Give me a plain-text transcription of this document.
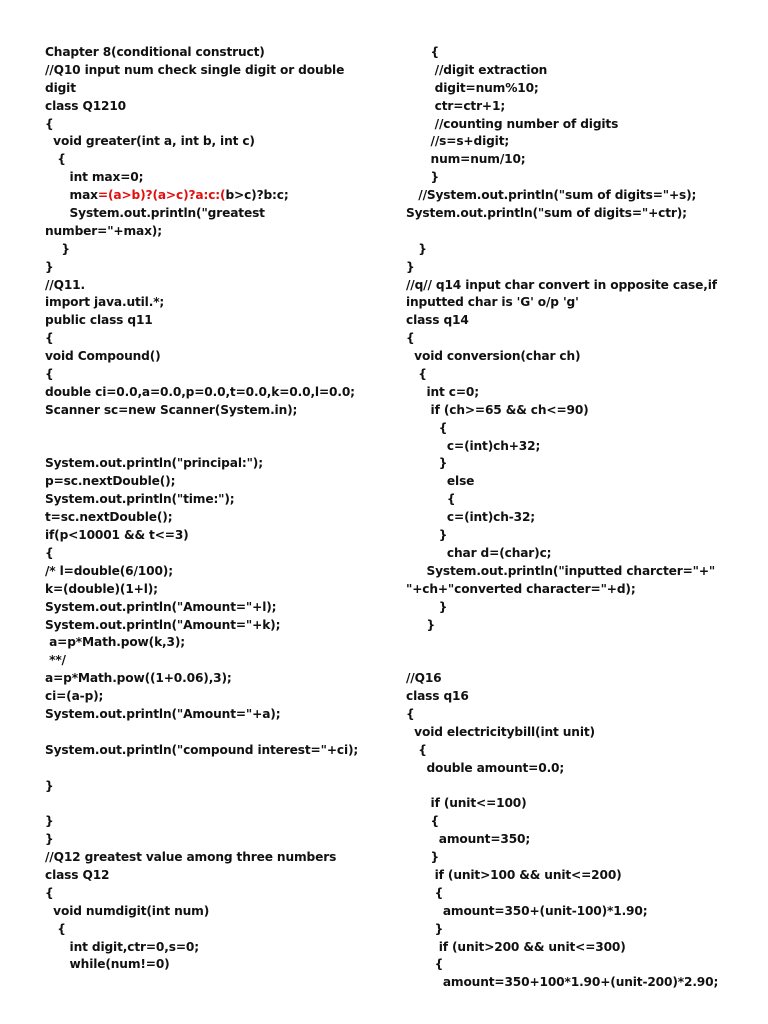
Chapter 8(conditional construct)
//Q10 input num check single digit or double
digit
class Q1210
{
void greater(int a, int b, int c)
{
int max=0;
max=(a>b)?(a>c)?a:c:(b>c)?b:c;
System.out.println("greatest
number="+max);
}
}
//Q11.
import java.util.*;
public class q11
{
void Compound()
{
double ci=0.0,a=0.0,p=0.0,t=0.0,k=0.0,l=0.0;
Scanner sc=new Scanner(System.in);
System.out.println("principal:");
p=sc.nextDouble();
System.out.println("time:");
t=sc.nextDouble();
if(p<10001 && t<=3)
{
/* l=double(6/100);
k=(double)(1+l);
System.out.println("Amount="+l);
System.out.println("Amount="+k);
a=p*Math.pow(k,3);
**/
a=p*Math.pow((1+0.06),3);
ci=(a-p);
System.out.println("Amount="+a);
System.out.println("compound interest="+ci);
}
}
}
//Q12 greatest value among three numbers
class Q12
{
void numdigit(int num)
{
int digit,ctr=0,s=0;
while(num!=0)
{
//digit extraction
digit=num%10;
ctr=ctr+1;
//counting number of digits
//s=s+digit;
num=num/10;
}
//System.out.println("sum of digits="+s);
System.out.println("sum of digits="+ctr);
}
}
//q// q14 input char convert in opposite case,if
inputted char is 'G' o/p 'g'
class q14
{
void conversion(char ch)
{
int c=0;
if (ch>=65 && ch<=90)
{
c=(int)ch+32;
}
else
{
c=(int)ch-32;
}
char d=(char)c;
System.out.println("inputted charcter="+"
"+ch+"converted character="+d);
}
}
//Q16
class q16
{
void electricitybill(int unit)
{
double amount=0.0;
if (unit<=100)
{
amount=350;
}
if (unit>100 && unit<=200)
{
amount=350+(unit-100)*1.90;
}
if (unit>200 && unit<=300)
{
amount=350+100*1.90+(unit-200)*2.90;
